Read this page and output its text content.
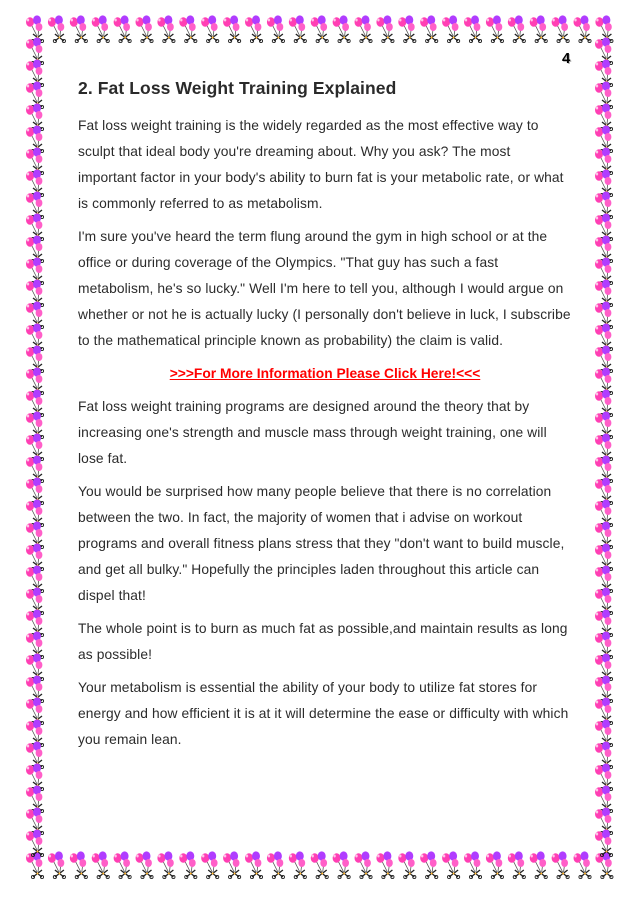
4
2. Fat Loss Weight Training Explained

Fat loss weight training is the widely regarded as the most effective way to sculpt that ideal body you're dreaming about. Why you ask? The most important factor in your body's ability to burn fat is your metabolic rate, or what is commonly referred to as metabolism.

I'm sure you've heard the term flung around the gym in high school or at the office or during coverage of the Olympics. "That guy has such a fast metabolism, he's so lucky." Well I'm here to tell you, although I would argue on whether or not he is actually lucky (I personally don't believe in luck, I subscribe to the mathematical principle known as probability) the claim is valid.

>>>For More Information Please Click Here!<<<

Fat loss weight training programs are designed around the theory that by increasing one's strength and muscle mass through weight training, one will lose fat.

You would be surprised how many people believe that there is no correlation between the two. In fact, the majority of women that i advise on workout programs and overall fitness plans stress that they "don't want to build muscle, and get all bulky." Hopefully the principles laden throughout this article can dispel that!

The whole point is to burn as much fat as possible,and maintain results as long as possible!

Your metabolism is essential the ability of your body to utilize fat stores for energy and how efficient it is at it will determine the ease or difficulty with which you remain lean.
